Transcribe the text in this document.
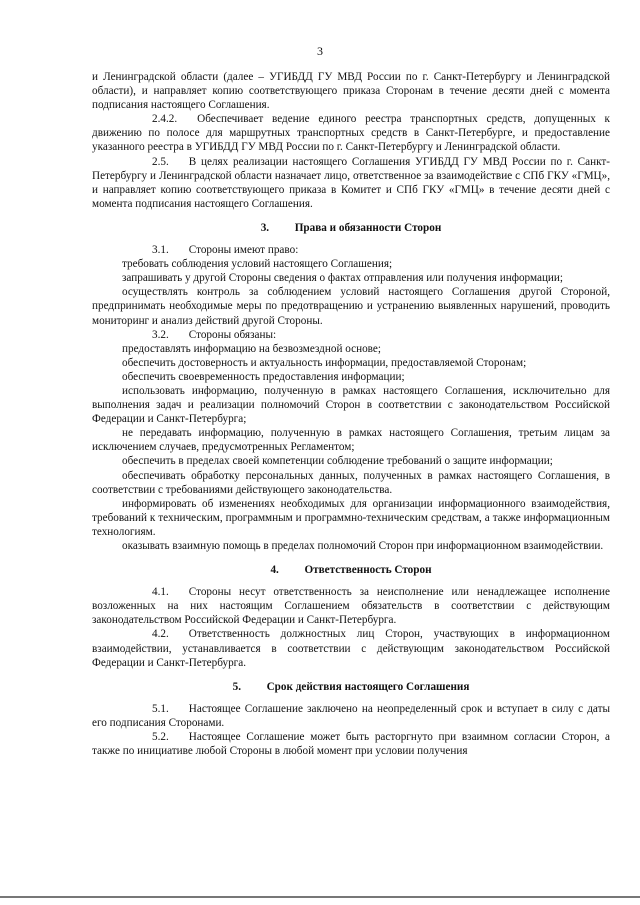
3

и Ленинградской области (далее – УГИБДД ГУ МВД России по г. Санкт-Петербургу и Ленинградской области), и направляет копию соответствующего приказа Сторонам в течение десяти дней с момента подписания настоящего Соглашения.

2.4.2. Обеспечивает ведение единого реестра транспортных средств, допущенных к движению по полосе для маршрутных транспортных средств в Санкт-Петербурге, и предоставление указанного реестра в УГИБДД ГУ МВД России по г. Санкт-Петербургу и Ленинградской области.

2.5. В целях реализации настоящего Соглашения УГИБДД ГУ МВД России по г. Санкт-Петербургу и Ленинградской области назначает лицо, ответственное за взаимодействие с СПб ГКУ «ГМЦ», и направляет копию соответствующего приказа в Комитет и СПб ГКУ «ГМЦ» в течение десяти дней с момента подписания настоящего Соглашения.

3. Права и обязанности Сторон

3.1. Стороны имеют право:

требовать соблюдения условий настоящего Соглашения;

запрашивать у другой Стороны сведения о фактах отправления или получения информации;

осуществлять контроль за соблюдением условий настоящего Соглашения другой Стороной, предпринимать необходимые меры по предотвращению и устранению выявленных нарушений, проводить мониторинг и анализ действий другой Стороны.

3.2. Стороны обязаны:

предоставлять информацию на безвозмездной основе;

обеспечить достоверность и актуальность информации, предоставляемой Сторонам;

обеспечить своевременность предоставления информации;

использовать информацию, полученную в рамках настоящего Соглашения, исключительно для выполнения задач и реализации полномочий Сторон в соответствии с законодательством Российской Федерации и Санкт-Петербурга;

не передавать информацию, полученную в рамках настоящего Соглашения, третьим лицам за исключением случаев, предусмотренных Регламентом;

обеспечить в пределах своей компетенции соблюдение требований о защите информации;

обеспечивать обработку персональных данных, полученных в рамках настоящего Соглашения, в соответствии с требованиями действующего законодательства.

информировать об изменениях необходимых для организации информационного взаимодействия, требований к техническим, программным и программно-техническим средствам, а также информационным технологиям.

оказывать взаимную помощь в пределах полномочий Сторон при информационном взаимодействии.

4. Ответственность Сторон

4.1. Стороны несут ответственность за неисполнение или ненадлежащее исполнение возложенных на них настоящим Соглашением обязательств в соответствии с действующим законодательством Российской Федерации и Санкт-Петербурга.

4.2. Ответственность должностных лиц Сторон, участвующих в информационном взаимодействии, устанавливается в соответствии с действующим законодательством Российской Федерации и Санкт-Петербурга.

5. Срок действия настоящего Соглашения

5.1. Настоящее Соглашение заключено на неопределенный срок и вступает в силу с даты его подписания Сторонами.

5.2. Настоящее Соглашение может быть расторгнуто при взаимном согласии Сторон, а также по инициативе любой Стороны в любой момент при условии получения
